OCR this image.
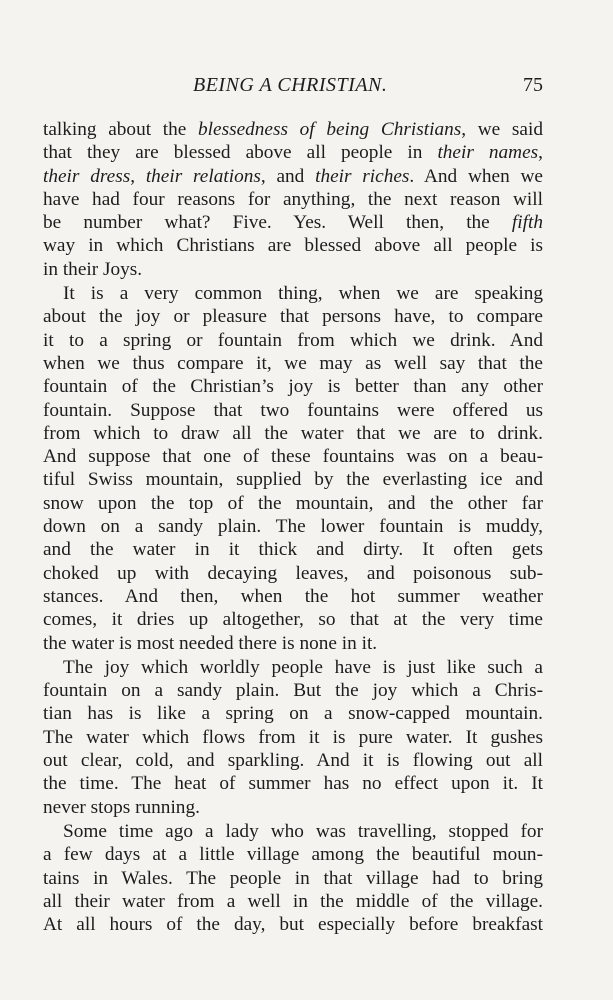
BEING A CHRISTIAN.	75
talking about the blessedness of being Christians, we said
that they are blessed above all people in their names,
their dress, their relations, and their riches. And when we
have had four reasons for anything, the next reason will
be number what? Five. Yes. Well then, the fifth
way in which Christians are blessed above all people is
in their Joys.
It is a very common thing, when we are speaking
about the joy or pleasure that persons have, to compare
it to a spring or fountain from which we drink. And
when we thus compare it, we may as well say that the
fountain of the Christian’s joy is better than any other
fountain. Suppose that two fountains were offered us
from which to draw all the water that we are to drink.
And suppose that one of these fountains was on a beau-
tiful Swiss mountain, supplied by the everlasting ice and
snow upon the top of the mountain, and the other far
down on a sandy plain. The lower fountain is muddy,
and the water in it thick and dirty. It often gets
choked up with decaying leaves, and poisonous sub-
stances. And then, when the hot summer weather
comes, it dries up altogether, so that at the very time
the water is most needed there is none in it.
The joy which worldly people have is just like such a
fountain on a sandy plain. But the joy which a Chris-
tian has is like a spring on a snow-capped mountain.
The water which flows from it is pure water. It gushes
out clear, cold, and sparkling. And it is flowing out all
the time. The heat of summer has no effect upon it. It
never stops running.
Some time ago a lady who was travelling, stopped for
a few days at a little village among the beautiful moun-
tains in Wales. The people in that village had to bring
all their water from a well in the middle of the village.
At all hours of the day, but especially before breakfast
